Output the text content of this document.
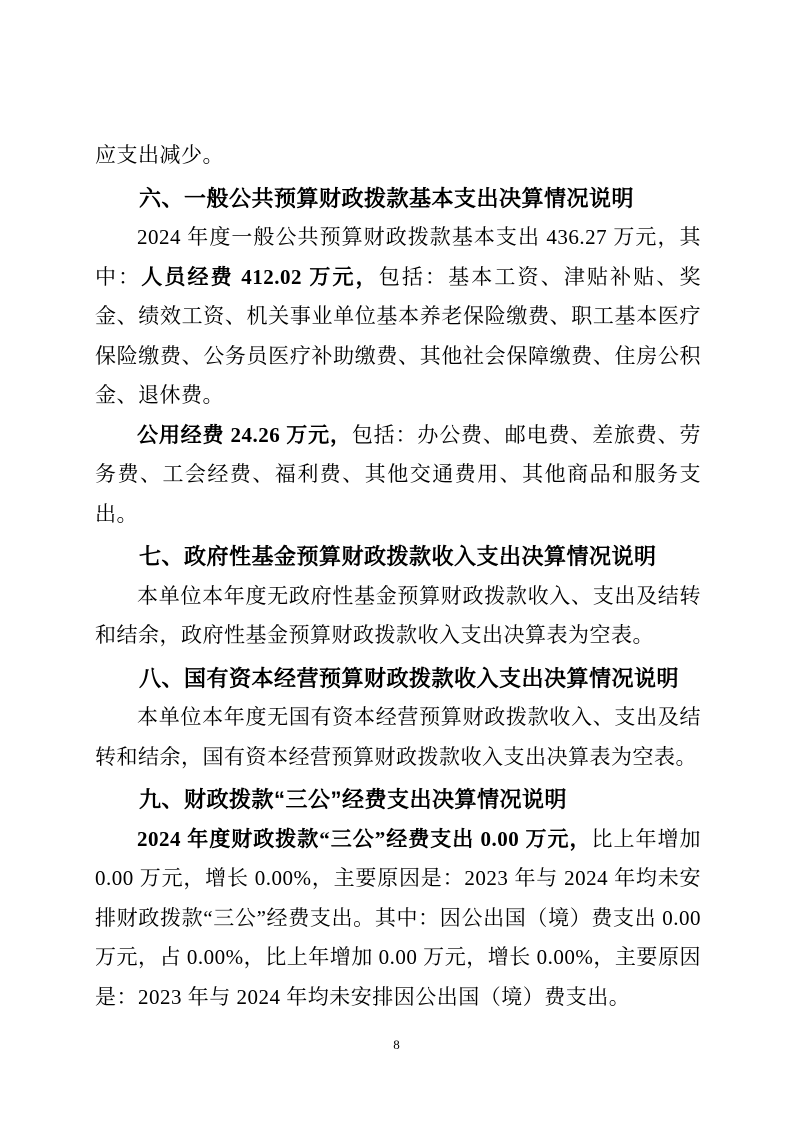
应支出减少。

六、一般公共预算财政拨款基本支出决算情况说明

2024 年度一般公共预算财政拨款基本支出 436.27 万元，其中：人员经费 412.02 万元，包括：基本工资、津贴补贴、奖金、绩效工资、机关事业单位基本养老保险缴费、职工基本医疗保险缴费、公务员医疗补助缴费、其他社会保障缴费、住房公积金、退休费。

公用经费 24.26 万元，包括：办公费、邮电费、差旅费、劳务费、工会经费、福利费、其他交通费用、其他商品和服务支出。

七、政府性基金预算财政拨款收入支出决算情况说明

本单位本年度无政府性基金预算财政拨款收入、支出及结转和结余，政府性基金预算财政拨款收入支出决算表为空表。

八、国有资本经营预算财政拨款收入支出决算情况说明

本单位本年度无国有资本经营预算财政拨款收入、支出及结转和结余，国有资本经营预算财政拨款收入支出决算表为空表。

九、财政拨款“三公”经费支出决算情况说明

2024 年度财政拨款“三公”经费支出 0.00 万元，比上年增加 0.00 万元，增长 0.00%，主要原因是：2023 年与 2024 年均未安排财政拨款“三公”经费支出。其中：因公出国（境）费支出 0.00 万元，占 0.00%，比上年增加 0.00 万元，增长 0.00%，主要原因是：2023 年与 2024 年均未安排因公出国（境）费支出。

8
